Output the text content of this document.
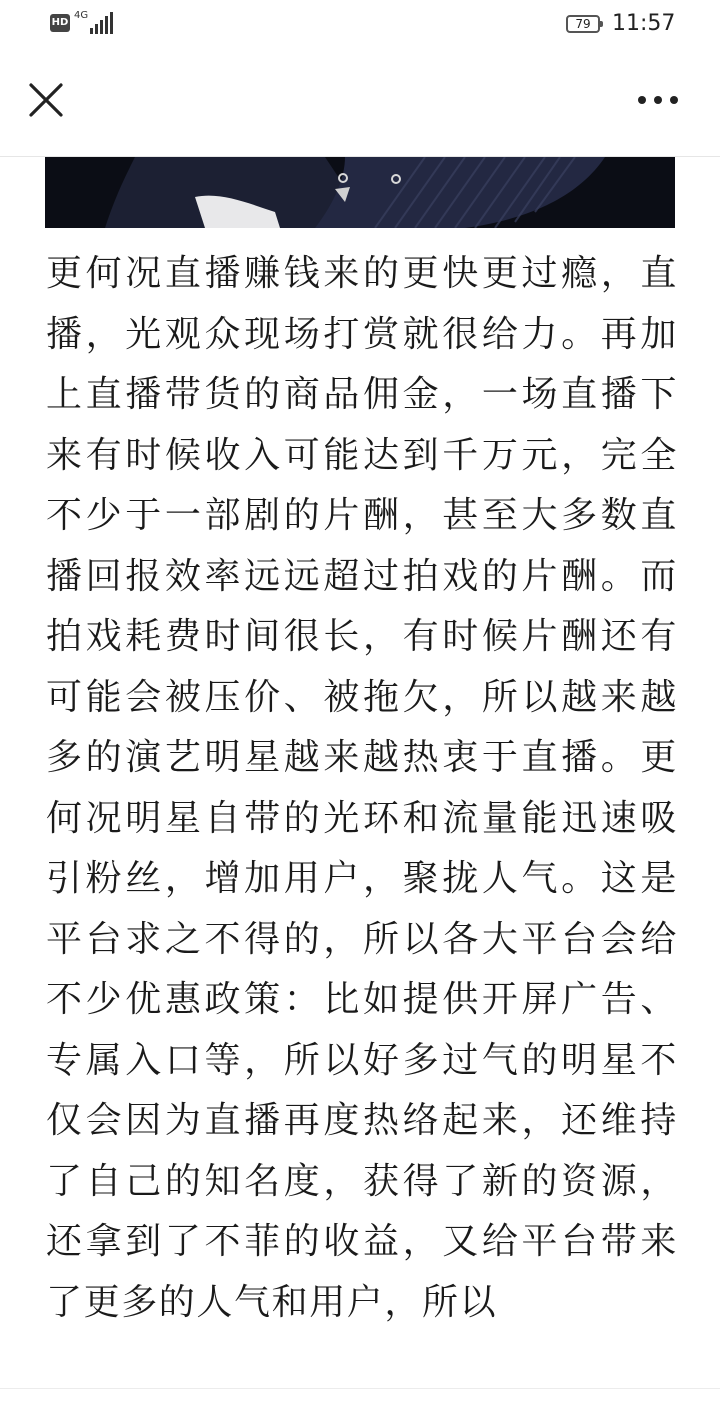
HD
4G
79 11:57
更何况直播赚钱来的更快更过瘾，直播，光观众现场打赏就很给力。再加上直播带货的商品佣金，一场直播下来有时候收入可能达到千万元，完全不少于一部剧的片酬，甚至大多数直播回报效率远远超过拍戏的片酬。而拍戏耗费时间很长，有时候片酬还有可能会被压价、被拖欠，所以越来越多的演艺明星越来越热衷于直播。更何况明星自带的光环和流量能迅速吸引粉丝，增加用户，聚拢人气。这是平台求之不得的，所以各大平台会给不少优惠政策：比如提供开屏广告、专属入口等，所以好多过气的明星不仅会因为直播再度热络起来，还维持了自己的知名度，获得了新的资源，还拿到了不菲的收益，又给平台带来了更多的人气和用户，所以
